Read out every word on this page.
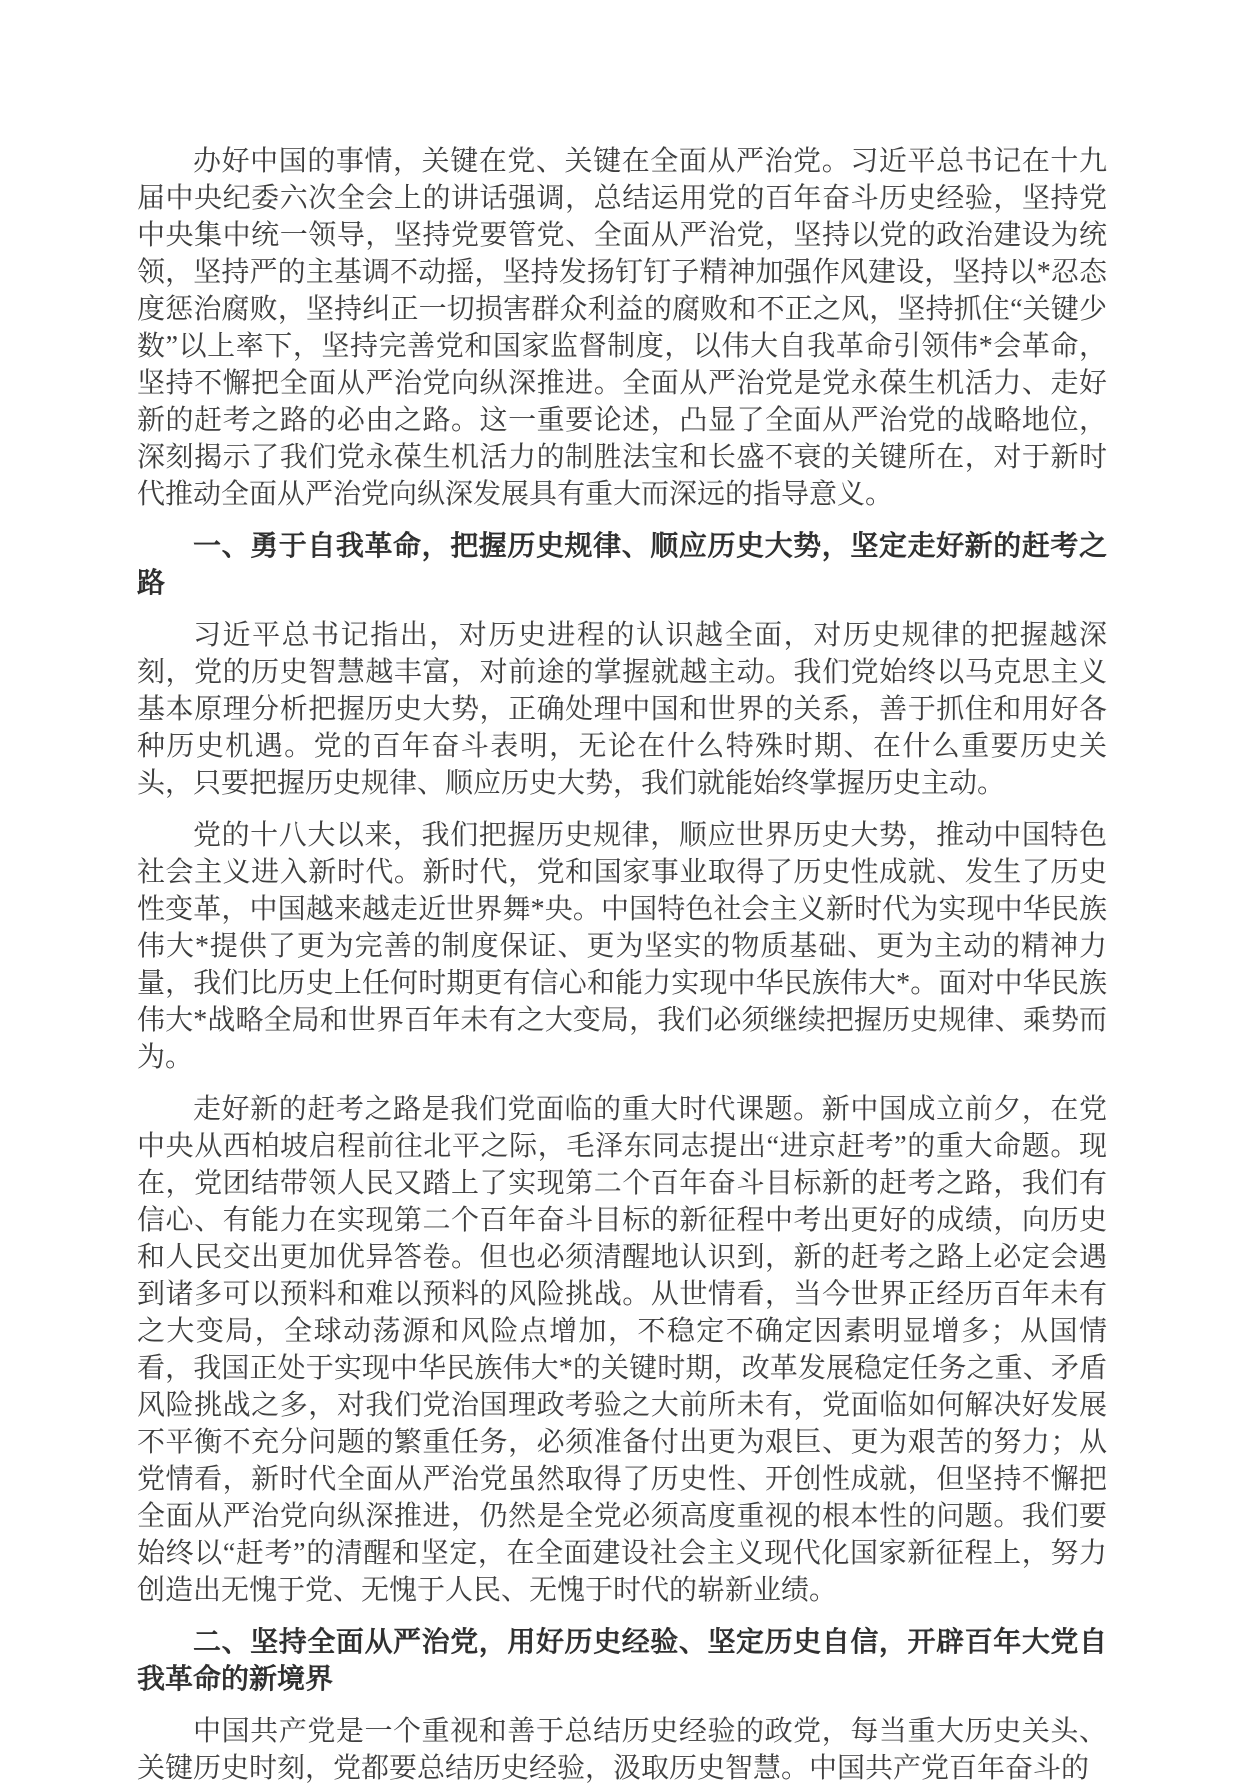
办好中国的事情，关键在党、关键在全面从严治党。习近平总书记在十九届中央纪委六次全会上的讲话强调，总结运用党的百年奋斗历史经验，坚持党中央集中统一领导，坚持党要管党、全面从严治党，坚持以党的政治建设为统领，坚持严的主基调不动摇，坚持发扬钉钉子精神加强作风建设，坚持以*忍态度惩治腐败，坚持纠正一切损害群众利益的腐败和不正之风，坚持抓住“关键少数”以上率下，坚持完善党和国家监督制度，以伟大自我革命引领伟*会革命，坚持不懈把全面从严治党向纵深推进。全面从严治党是党永葆生机活力、走好新的赶考之路的必由之路。这一重要论述，凸显了全面从严治党的战略地位，深刻揭示了我们党永葆生机活力的制胜法宝和长盛不衰的关键所在，对于新时代推动全面从严治党向纵深发展具有重大而深远的指导意义。

一、勇于自我革命，把握历史规律、顺应历史大势，坚定走好新的赶考之路

习近平总书记指出，对历史进程的认识越全面，对历史规律的把握越深刻，党的历史智慧越丰富，对前途的掌握就越主动。我们党始终以马克思主义基本原理分析把握历史大势，正确处理中国和世界的关系，善于抓住和用好各种历史机遇。党的百年奋斗表明，无论在什么特殊时期、在什么重要历史关头，只要把握历史规律、顺应历史大势，我们就能始终掌握历史主动。

党的十八大以来，我们把握历史规律，顺应世界历史大势，推动中国特色社会主义进入新时代。新时代，党和国家事业取得了历史性成就、发生了历史性变革，中国越来越走近世界舞*央。中国特色社会主义新时代为实现中华民族伟大*提供了更为完善的制度保证、更为坚实的物质基础、更为主动的精神力量，我们比历史上任何时期更有信心和能力实现中华民族伟大*。面对中华民族伟大*战略全局和世界百年未有之大变局，我们必须继续把握历史规律、乘势而为。

走好新的赶考之路是我们党面临的重大时代课题。新中国成立前夕，在党中央从西柏坡启程前往北平之际，毛泽东同志提出“进京赶考”的重大命题。现在，党团结带领人民又踏上了实现第二个百年奋斗目标新的赶考之路，我们有信心、有能力在实现第二个百年奋斗目标的新征程中考出更好的成绩，向历史和人民交出更加优异答卷。但也必须清醒地认识到，新的赶考之路上必定会遇到诸多可以预料和难以预料的风险挑战。从世情看，当今世界正经历百年未有之大变局，全球动荡源和风险点增加，不稳定不确定因素明显增多；从国情看，我国正处于实现中华民族伟大*的关键时期，改革发展稳定任务之重、矛盾风险挑战之多，对我们党治国理政考验之大前所未有，党面临如何解决好发展不平衡不充分问题的繁重任务，必须准备付出更为艰巨、更为艰苦的努力；从党情看，新时代全面从严治党虽然取得了历史性、开创性成就，但坚持不懈把全面从严治党向纵深推进，仍然是全党必须高度重视的根本性的问题。我们要始终以“赶考”的清醒和坚定，在全面建设社会主义现代化国家新征程上，努力创造出无愧于党、无愧于人民、无愧于时代的崭新业绩。

二、坚持全面从严治党，用好历史经验、坚定历史自信，开辟百年大党自我革命的新境界

中国共产党是一个重视和善于总结历史经验的政党，每当重大历史关头、关键历史时刻，党都要总结历史经验，汲取历史智慧。中国共产党百年奋斗的
